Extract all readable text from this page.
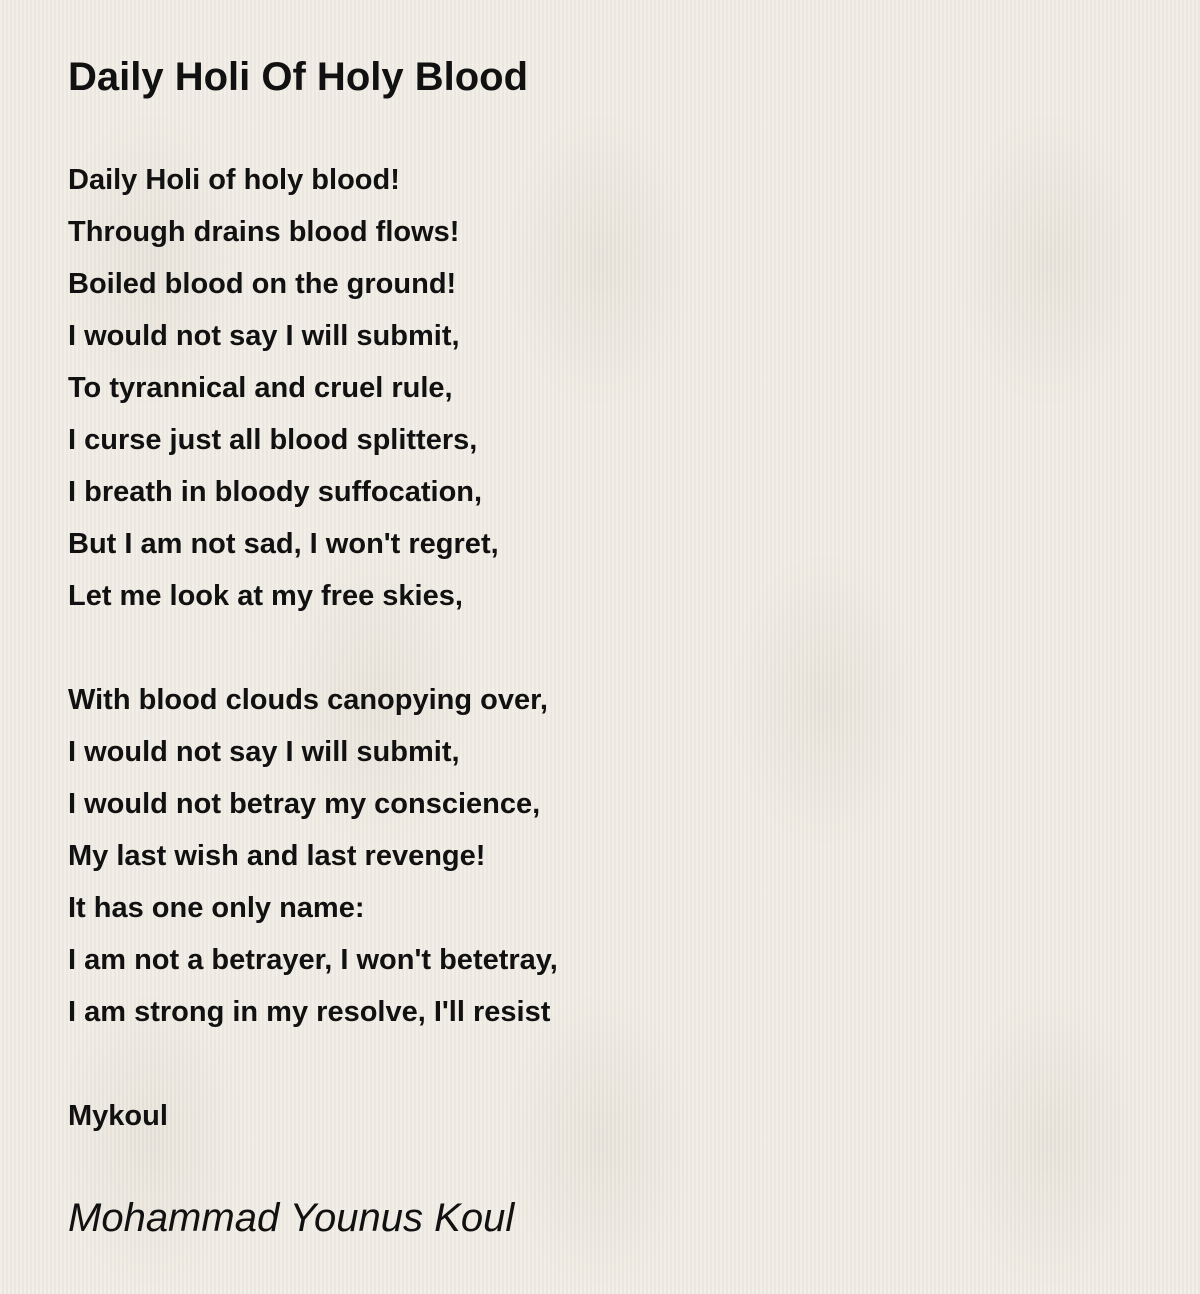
Daily Holi Of Holy Blood
Daily Holi of holy blood!
Through drains blood flows!
Boiled blood on the ground!
I would not say I will submit,
To tyrannical and cruel rule,
I curse just all blood splitters,
I breath in bloody suffocation,
But I am not sad, I won't regret,
Let me look at my free skies,
With blood clouds canopying over,
I would not say I will submit,
I would not betray my conscience,
My last wish and last revenge!
It has one only name:
I am not a betrayer, I won't betetray,
I am strong in my resolve, I'll resist
Mykoul
Mohammad Younus Koul
